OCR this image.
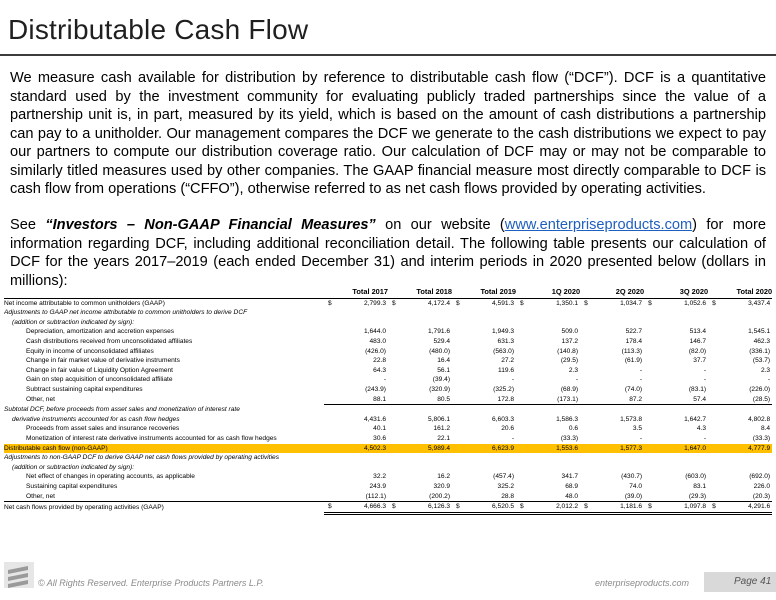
Distributable Cash Flow
We measure cash available for distribution by reference to distributable cash flow (“DCF”). DCF is a quantitative standard used by the investment community for evaluating publicly traded partnerships since the value of a partnership unit is, in part, measured by its yield, which is based on the amount of cash distributions a partnership can pay to a unitholder. Our management compares the DCF we generate to the cash distributions we expect to pay our partners to compute our distribution coverage ratio. Our calculation of DCF may or may not be comparable to similarly titled measures used by other companies. The GAAP financial measure most directly comparable to DCF is cash flow from operations (“CFFO”), otherwise referred to as net cash flows provided by operating activities.
See “Investors – Non-GAAP Financial Measures” on our website (www.enterpriseproducts.com) for more information regarding DCF, including additional reconciliation detail. The following table presents our calculation of DCF for the years 2017–2019 (each ended December 31) and interim periods in 2020 presented below (dollars in millions):
	Total 2017		Total 2018		Total 2019		1Q 2020		2Q 2020		3Q 2020		Total 2020	
Net income attributable to common unitholders (GAAP)	$	2,799.3	$	4,172.4	$	4,591.3	$	1,350.1	$	1,034.7	$	1,052.6	$	3,437.4
Adjustments to GAAP net income attributable to common unitholders to derive DCF														
(addition or subtraction indicated by sign):														
Depreciation, amortization and accretion expenses		1,644.0		1,791.6		1,949.3		509.0		522.7		513.4		1,545.1
Cash distributions received from unconsolidated affiliates		483.0		529.4		631.3		137.2		178.4		146.7		462.3
Equity in income of unconsolidated affiliates		(426.0)		(480.0)		(563.0)		(140.8)		(113.3)		(82.0)		(336.1)
Change in fair market value of derivative instruments		22.8		16.4		27.2		(29.5)		(61.9)		37.7		(53.7)
Change in fair value of Liquidity Option Agreement		64.3		56.1		119.6		2.3		-		-		2.3
Gain on step acquisition of unconsolidated affiliate		-		(39.4)		-		-		-		-		-
Subtract sustaining capital expenditures		(243.9)		(320.9)		(325.2)		(68.9)		(74.0)		(83.1)		(226.0)
Other, net		88.1		80.5		172.8		(173.1)		87.2		57.4		(28.5)
Subtotal DCF, before proceeds from asset sales and monetization of interest rate														
derivative instruments accounted for as cash flow hedges		4,431.6		5,806.1		6,603.3		1,586.3		1,573.8		1,642.7		4,802.8
Proceeds from asset sales and insurance recoveries		40.1		161.2		20.6		0.6		3.5		4.3		8.4
Monetization of interest rate derivative instruments accounted for as cash flow hedges		30.6		22.1		-		(33.3)		-		-		(33.3)
Distributable cash flow (non-GAAP)		4,502.3		5,989.4		6,623.9		1,553.6		1,577.3		1,647.0		4,777.9
Adjustments to non-GAAP DCF to derive GAAP net cash flows provided by operating activities														
(addition or subtraction indicated by sign):														
Net effect of changes in operating accounts, as applicable		32.2		16.2		(457.4)		341.7		(430.7)		(603.0)		(692.0)
Sustaining capital expenditures		243.9		320.9		325.2		68.9		74.0		83.1		226.0
Other, net		(112.1)		(200.2)		28.8		48.0		(39.0)		(29.3)		(20.3)
Net cash flows provided by operating activities (GAAP)	$	4,666.3	$	6,126.3	$	6,520.5	$	2,012.2	$	1,181.6	$	1,097.8	$	4,291.6
© All Rights Reserved. Enterprise Products Partners L.P.	enterpriseproducts.com	Page 41
